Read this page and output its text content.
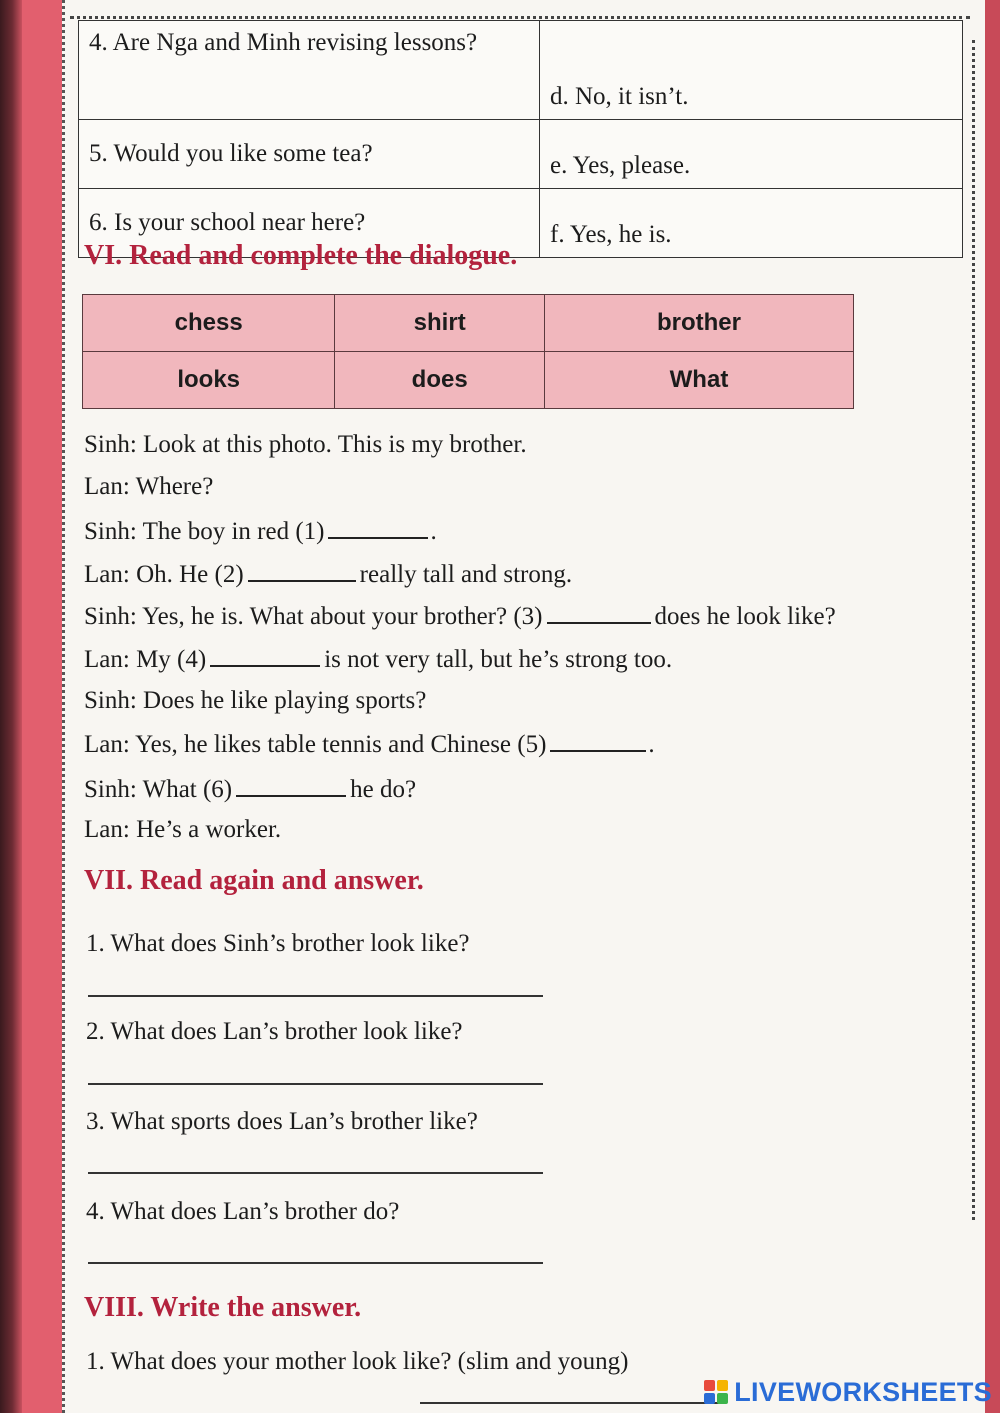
4. Are Nga and Minh revising lessons?	d. No, it isn’t.
5. Would you like some tea?	e. Yes, please.
6. Is your school near here?	f. Yes, he is.
VI. Read and complete the dialogue.
chess	shirt	brother
looks	does	What
Sinh: Look at this photo. This is my brother.
Lan: Where?
Sinh: The boy in red (1)	.
Lan: Oh. He (2)	really tall and strong.
Sinh: Yes, he is. What about your brother? (3)	does he look like?
Lan: My (4)	is not very tall, but he’s strong too.
Sinh: Does he like playing sports?
Lan: Yes, he likes table tennis and Chinese (5)	.
Sinh: What (6)	he do?
Lan: He’s a worker.
VII. Read again and answer.
1. What does Sinh’s brother look like?
2. What does Lan’s brother look like?
3. What sports does Lan’s brother like?
4. What does Lan’s brother do?
VIII. Write the answer.
1. What does your mother look like? (slim and young)
LIVEWORKSHEETS
